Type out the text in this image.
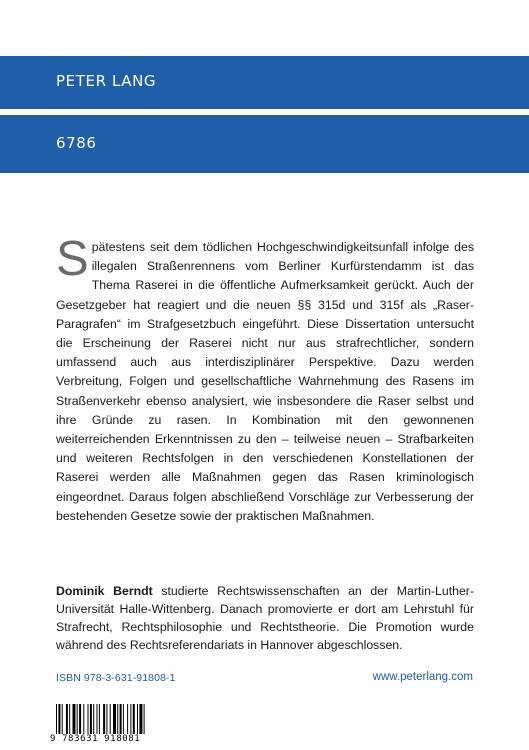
PETER LANG
6786

Spätestens seit dem tödlichen Hochgeschwindigkeitsunfall infolge des illegalen Straßenrennens vom Berliner Kurfürstendamm ist das Thema Raserei in die öffentliche Aufmerksamkeit gerückt. Auch der Gesetzgeber hat reagiert und die neuen §§ 315d und 315f als „Raser-Paragrafen“ im Strafgesetzbuch eingeführt. Diese Dissertation untersucht die Erscheinung der Raserei nicht nur aus strafrechtlicher, sondern umfassend auch aus interdisziplinärer Perspektive. Dazu werden Verbreitung, Folgen und gesellschaftliche Wahrnehmung des Rasens im Straßenverkehr ebenso analysiert, wie insbesondere die Raser selbst und ihre Gründe zu rasen. In Kombination mit den gewonnenen weiterreichenden Erkenntnissen zu den – teilweise neuen – Strafbarkeiten und weiteren Rechtsfolgen in den verschiedenen Konstellationen der Raserei werden alle Maßnahmen gegen das Rasen kriminologisch eingeordnet. Daraus folgen abschließend Vorschläge zur Verbesserung der bestehenden Gesetze sowie der praktischen Maßnahmen.

Dominik Berndt studierte Rechtswissenschaften an der Martin-Luther-Universität Halle-Wittenberg. Danach promovierte er dort am Lehrstuhl für Strafrecht, Rechtsphilosophie und Rechtstheorie. Die Promotion wurde während des Rechtsreferendariats in Hannover abgeschlossen.

ISBN 978-3-631-91808-1	www.peterlang.com
9 783631 918081
